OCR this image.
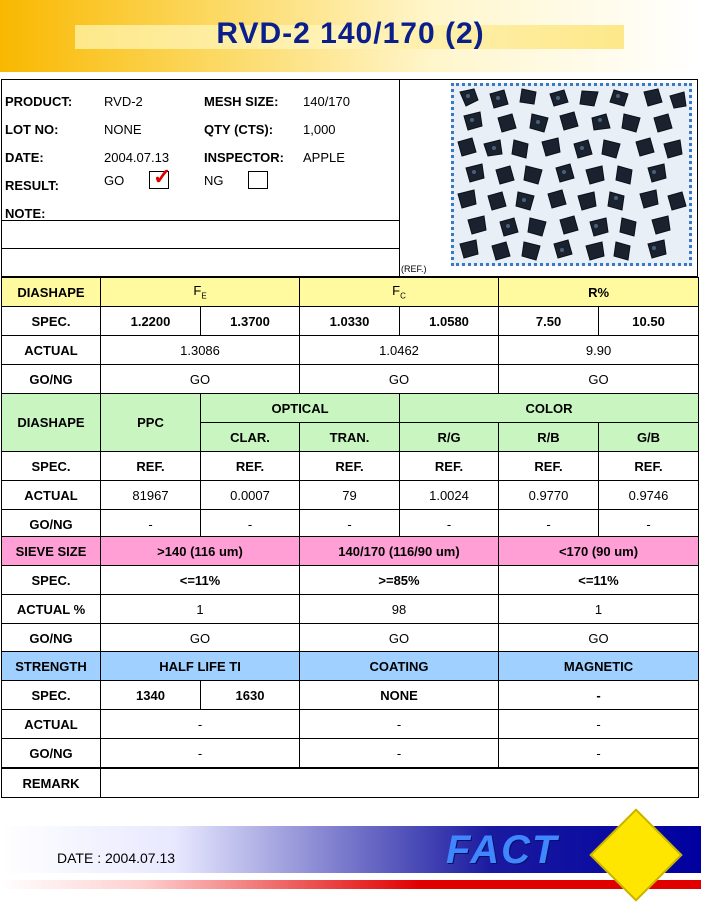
RVD-2 140/170 (2)
PRODUCT: RVD-2	MESH SIZE: 140/170
LOT NO:	NONE	QTY (CTS): 1,000
DATE:	2004.07.13	INSPECTOR: APPLE
RESULT:	GO ✓	NG
NOTE:
(REF.)
DIASHAPE	$F_E$		$F_C$		R%	
SPEC.	1.2200	1.3700	1.0330	1.0580	7.50	10.50
ACTUAL	1.3086		1.0462		9.90	
GO/NG	GO		GO		GO	
DIASHAPE	PPC	OPTICAL		COLOR		
		CLAR.	TRAN.	R/G	R/B	G/B
SPEC.	REF.	REF.	REF.	REF.	REF.	REF.
ACTUAL	81967	0.0007	79	1.0024	0.9770	0.9746
GO/NG	-	-	-	-	-	-
SIEVE SIZE	>140 (116 um)	140/170 (116/90 um)	<170 (90 um)
SPEC.	<=11%	>=85%	<=11%
ACTUAL %	1	98	1
GO/NG	GO	GO	GO
STRENGTH	HALF LIFE TI		COATING	MAGNETIC
SPEC.	1340	1630	NONE	-
ACTUAL	-		-	-
GO/NG	-		-	-
REMARK	
DATE : 2004.07.13	FACT
